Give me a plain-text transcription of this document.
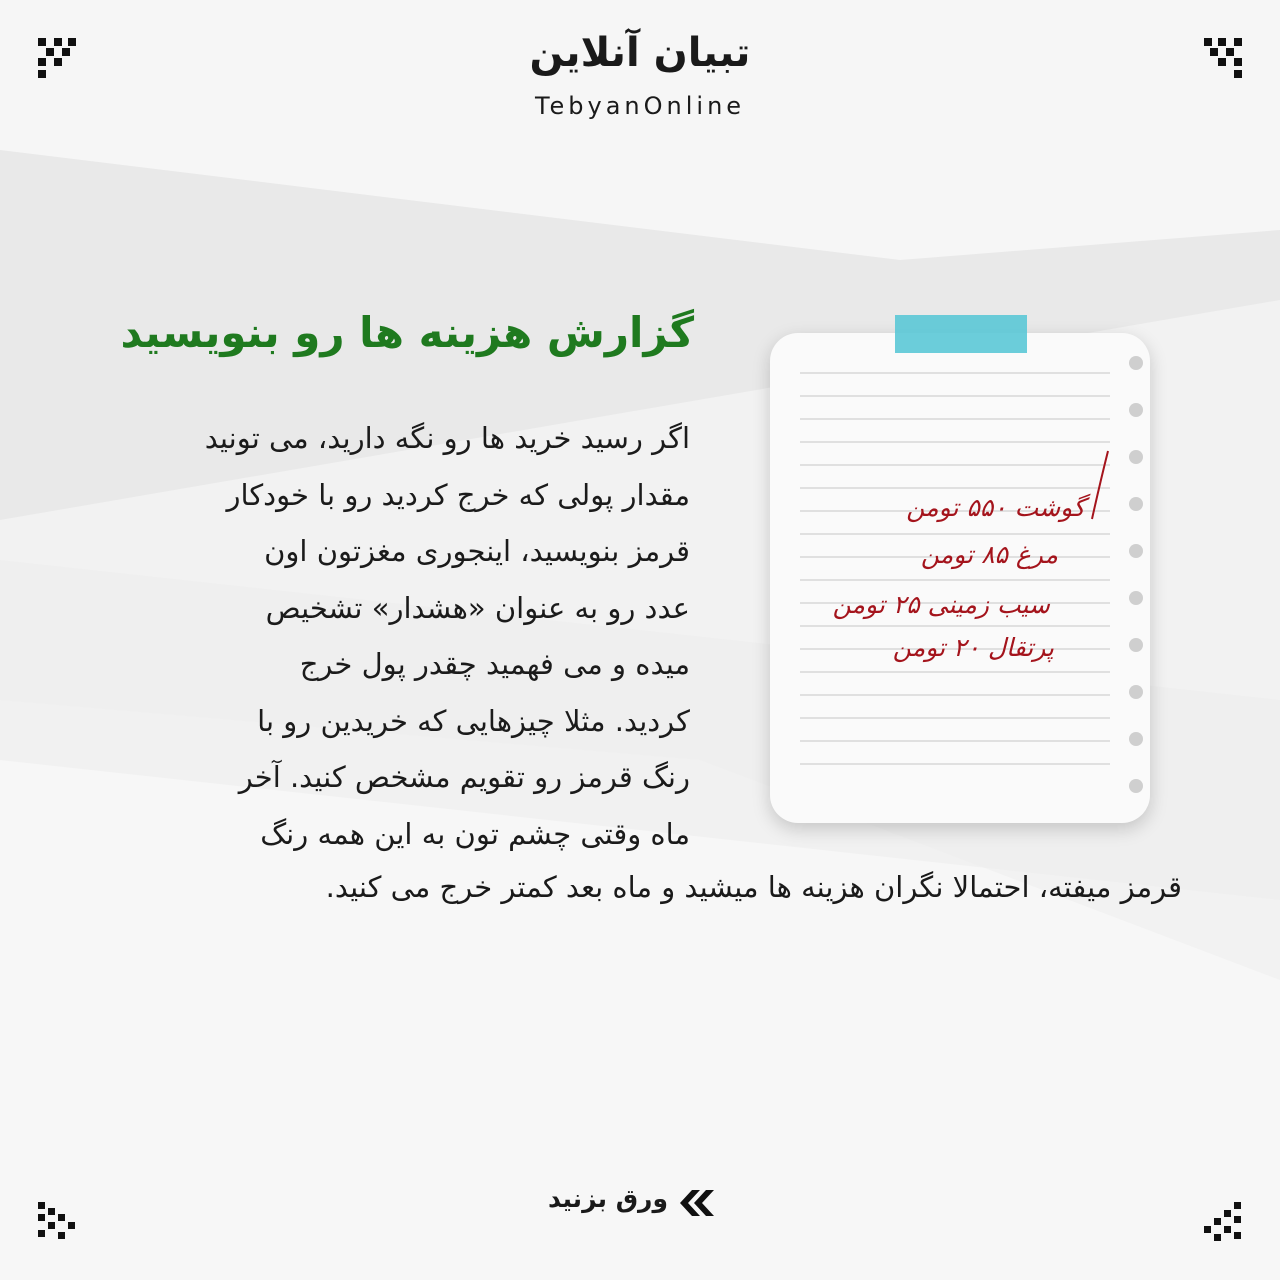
تبیان آنلاین
TebyanOnline
گزارش هزینه ها رو بنویسید
اگر رسید خرید ها رو نگه دارید، می تونید
مقدار پولی که خرج کردید رو با خودکار
قرمز بنویسید، اینجوری مغزتون اون
عدد رو به عنوان «هشدار» تشخیص
میده و می فهمید چقدر پول خرج
کردید. مثلا چیزهایی که خریدین رو با
رنگ قرمز رو تقویم مشخص کنید. آخر
ماه وقتی چشم تون به این همه رنگ
قرمز میفته، احتمالا نگران هزینه ها میشید و ماه بعد کمتر خرج می کنید.
گوشت ۵۵۰ تومن
مرغ ۸۵ تومن
سیب زمینی ۲۵ تومن
پرتقال ۲۰ تومن
ورق بزنید
